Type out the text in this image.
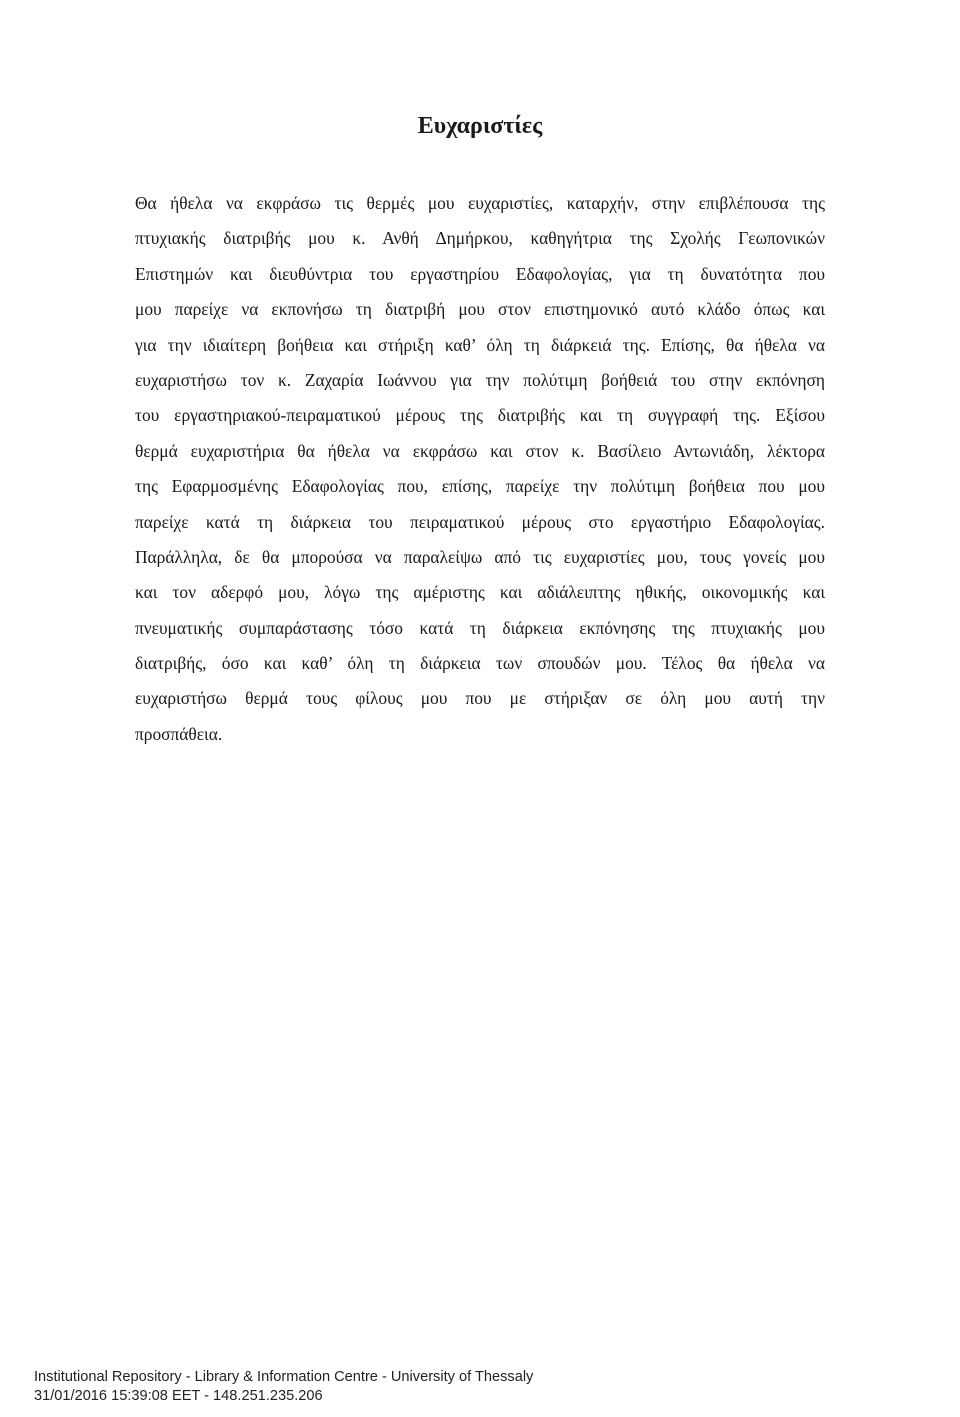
Ευχαριστίες
Θα ήθελα να εκφράσω τις θερμές μου ευχαριστίες, καταρχήν, στην επιβλέπουσα της
πτυχιακής διατριβής μου κ. Ανθή Δημήρκου, καθηγήτρια της Σχολής Γεωπονικών
Επιστημών και διευθύντρια του εργαστηρίου Εδαφολογίας, για τη δυνατότητα που
μου παρείχε να εκπονήσω τη διατριβή μου στον επιστημονικό αυτό κλάδο όπως και
για την ιδιαίτερη βοήθεια και στήριξη καθ’ όλη τη διάρκειά της. Επίσης, θα ήθελα να
ευχαριστήσω τον κ. Ζαχαρία Ιωάννου για την πολύτιμη βοήθειά του στην εκπόνηση
του εργαστηριακού-πειραματικού μέρους της διατριβής και τη συγγραφή της. Εξίσου
θερμά ευχαριστήρια θα ήθελα να εκφράσω και στον κ. Βασίλειο Αντωνιάδη, λέκτορα
της Εφαρμοσμένης Εδαφολογίας που, επίσης, παρείχε την πολύτιμη βοήθεια που μου
παρείχε κατά τη διάρκεια του πειραματικού μέρους στο εργαστήριο Εδαφολογίας.
Παράλληλα, δε θα μπορούσα να παραλείψω από τις ευχαριστίες μου, τους γονείς μου
και τον αδερφό μου, λόγω της αμέριστης και αδιάλειπτης ηθικής, οικονομικής και
πνευματικής συμπαράστασης τόσο κατά τη διάρκεια εκπόνησης της πτυχιακής μου
διατριβής, όσο και καθ’ όλη τη διάρκεια των σπουδών μου. Τέλος θα ήθελα να
ευχαριστήσω θερμά τους φίλους μου που με στήριξαν σε όλη μου αυτή την
προσπάθεια.
Institutional Repository - Library & Information Centre - University of Thessaly
31/01/2016 15:39:08 EET - 148.251.235.206
